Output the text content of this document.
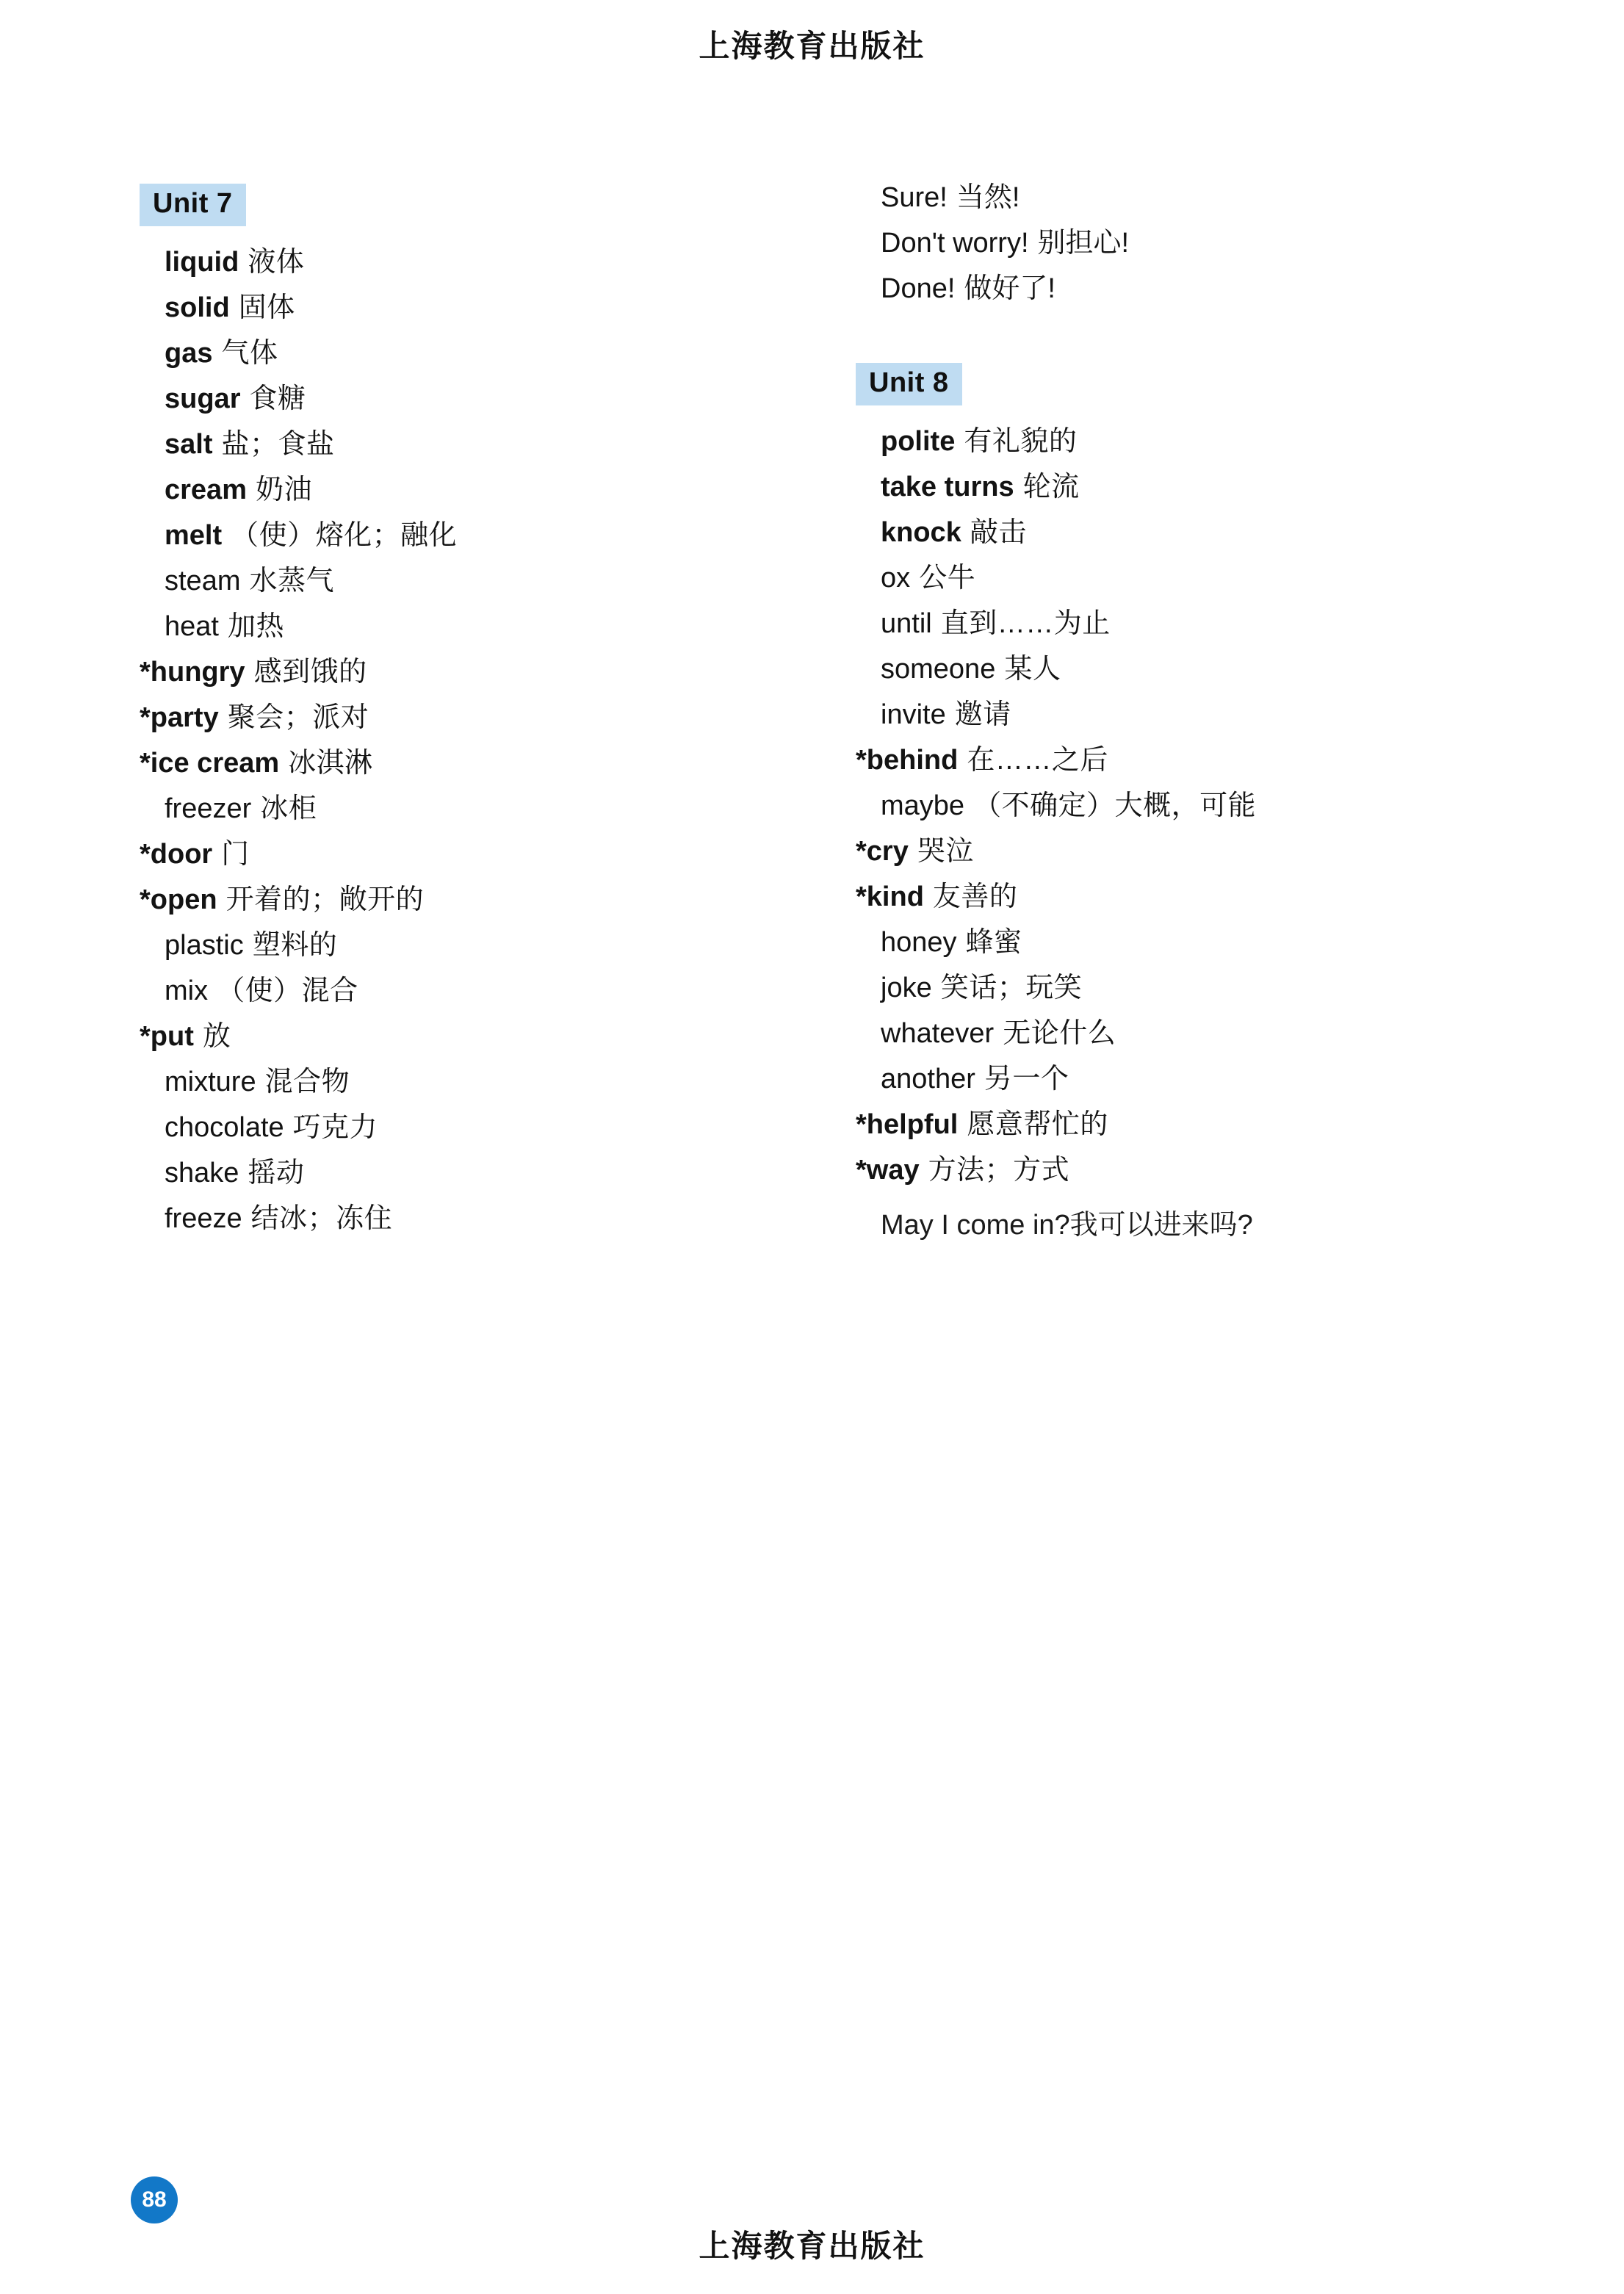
上海教育出版社
Unit 7
liquid 液体
solid 固体
gas 气体
sugar 食糖
salt 盐；食盐
cream 奶油
melt （使）熔化；融化
steam 水蒸气
heat 加热
*hungry 感到饿的
*party 聚会；派对
*ice cream 冰淇淋
freezer 冰柜
*door 门
*open 开着的；敞开的
plastic 塑料的
mix （使）混合
*put 放
mixture 混合物
chocolate 巧克力
shake 摇动
freeze 结冰；冻住
Sure! 当然!
Don't worry! 别担心!
Done! 做好了!
Unit 8
polite 有礼貌的
take turns 轮流
knock 敲击
ox 公牛
until 直到……为止
someone 某人
invite 邀请
*behind 在……之后
maybe （不确定）大概，可能
*cry 哭泣
*kind 友善的
honey 蜂蜜
joke 笑话；玩笑
whatever 无论什么
another 另一个
*helpful 愿意帮忙的
*way 方法；方式
May I come in?我可以进来吗?
88
上海教育出版社
